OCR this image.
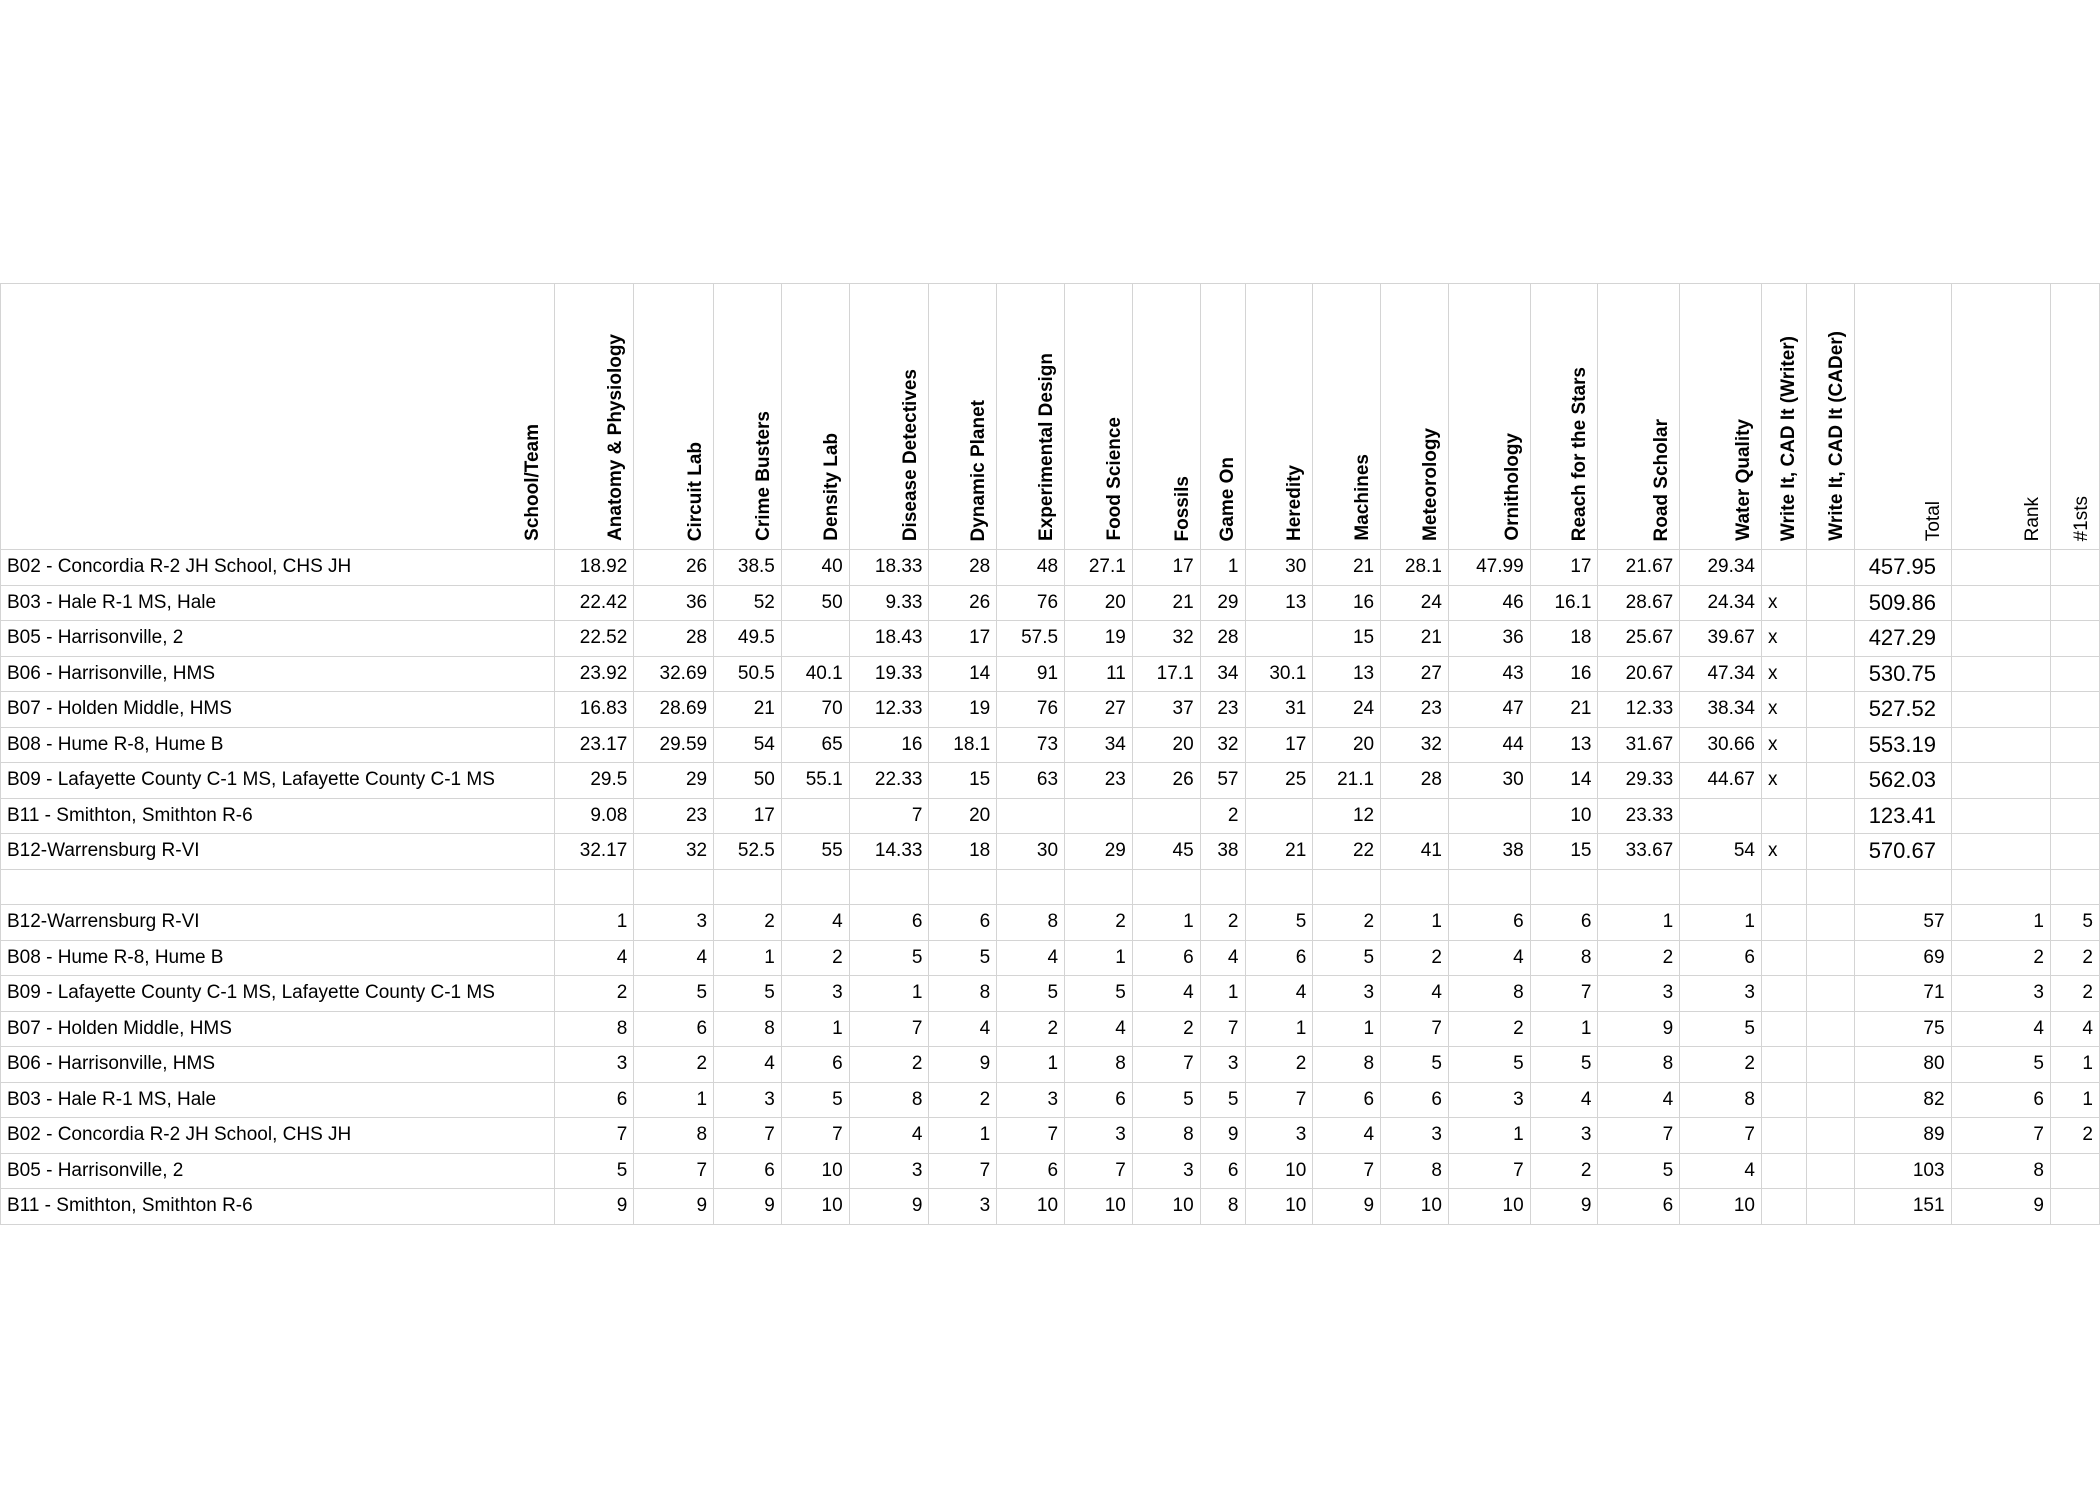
School/Team	Anatomy & Physiology	Circuit Lab	Crime Busters	Density Lab	Disease Detectives	Dynamic Planet	Experimental Design	Food Science	Fossils	Game On	Heredity	Machines	Meteorology	Ornithology	Reach for the Stars	Road Scholar	Water Quality	Write It, CAD It (Writer)	Write It, CAD It (CADer)	Total	Rank	#1sts

B02 - Concordia R-2 JH School, CHS JH	18.92	26	38.5	40	18.33	28	48	27.1	17	1	30	21	28.1	47.99	17	21.67	29.34			457.95		
B03 - Hale R-1 MS, Hale	22.42	36	52	50	9.33	26	76	20	21	29	13	16	24	46	16.1	28.67	24.34	x		509.86		
B05 - Harrisonville, 2	22.52	28	49.5		18.43	17	57.5	19	32	28		15	21	36	18	25.67	39.67	x		427.29		
B06 - Harrisonville, HMS	23.92	32.69	50.5	40.1	19.33	14	91	11	17.1	34	30.1	13	27	43	16	20.67	47.34	x		530.75		
B07 - Holden Middle, HMS	16.83	28.69	21	70	12.33	19	76	27	37	23	31	24	23	47	21	12.33	38.34	x		527.52		
B08 - Hume R-8, Hume B	23.17	29.59	54	65	16	18.1	73	34	20	32	17	20	32	44	13	31.67	30.66	x		553.19		
B09 - Lafayette County C-1 MS, Lafayette County C-1 MS	29.5	29	50	55.1	22.33	15	63	23	26	57	25	21.1	28	30	14	29.33	44.67	x		562.03		
B11 - Smithton, Smithton R-6	9.08	23	17		7	20				2		12			10	23.33				123.41		
B12-Warrensburg R-VI	32.17	32	52.5	55	14.33	18	30	29	45	38	21	22	41	38	15	33.67	54	x		570.67		

B12-Warrensburg R-VI	1	3	2	4	6	6	8	2	1	2	5	2	1	6	6	1	1			57	1	5
B08 - Hume R-8, Hume B	4	4	1	2	5	5	4	1	6	4	6	5	2	4	8	2	6			69	2	2
B09 - Lafayette County C-1 MS, Lafayette County C-1 MS	2	5	5	3	1	8	5	5	4	1	4	3	4	8	7	3	3			71	3	2
B07 - Holden Middle, HMS	8	6	8	1	7	4	2	4	2	7	1	1	7	2	1	9	5			75	4	4
B06 - Harrisonville, HMS	3	2	4	6	2	9	1	8	7	3	2	8	5	5	5	8	2			80	5	1
B03 - Hale R-1 MS, Hale	6	1	3	5	8	2	3	6	5	5	7	6	6	3	4	4	8			82	6	1
B02 - Concordia R-2 JH School, CHS JH	7	8	7	7	4	1	7	3	8	9	3	4	3	1	3	7	7			89	7	2
B05 - Harrisonville, 2	5	7	6	10	3	7	6	7	3	6	10	7	8	7	2	5	4			103	8	
B11 - Smithton, Smithton R-6	9	9	9	10	9	3	10	10	10	8	10	9	10	10	9	6	10			151	9	
